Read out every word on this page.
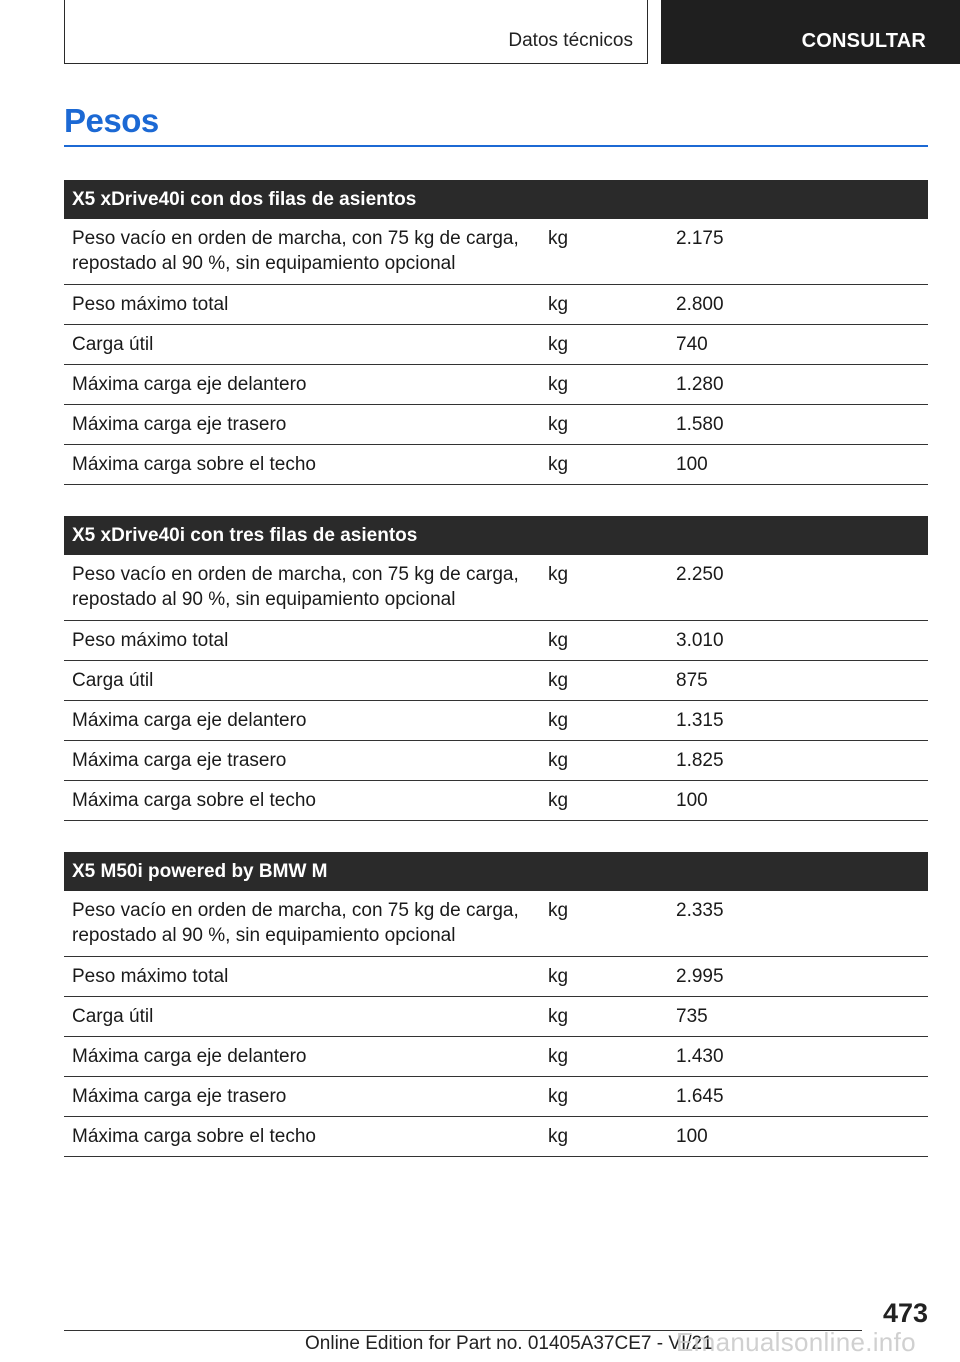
Datos técnicos	CONSULTAR
Pesos
X5 xDrive40i con dos filas de asientos		
Peso vacío en orden de marcha, con 75 kg de carga,
repostado al 90 %, sin equipamiento opcional	kg	2.175
Peso máximo total	kg	2.800
Carga útil	kg	740
Máxima carga eje delantero	kg	1.280
Máxima carga eje trasero	kg	1.580
Máxima carga sobre el techo	kg	100
X5 xDrive40i con tres filas de asientos		
Peso vacío en orden de marcha, con 75 kg de carga,
repostado al 90 %, sin equipamiento opcional	kg	2.250
Peso máximo total	kg	3.010
Carga útil	kg	875
Máxima carga eje delantero	kg	1.315
Máxima carga eje trasero	kg	1.825
Máxima carga sobre el techo	kg	100
X5 M50i powered by BMW M		
Peso vacío en orden de marcha, con 75 kg de carga,
repostado al 90 %, sin equipamiento opcional	kg	2.335
Peso máximo total	kg	2.995
Carga útil	kg	735
Máxima carga eje delantero	kg	1.430
Máxima carga eje trasero	kg	1.645
Máxima carga sobre el techo	kg	100
473
Online Edition for Part no. 01405A37CE7 - VI/21
Emanualsonline.info
